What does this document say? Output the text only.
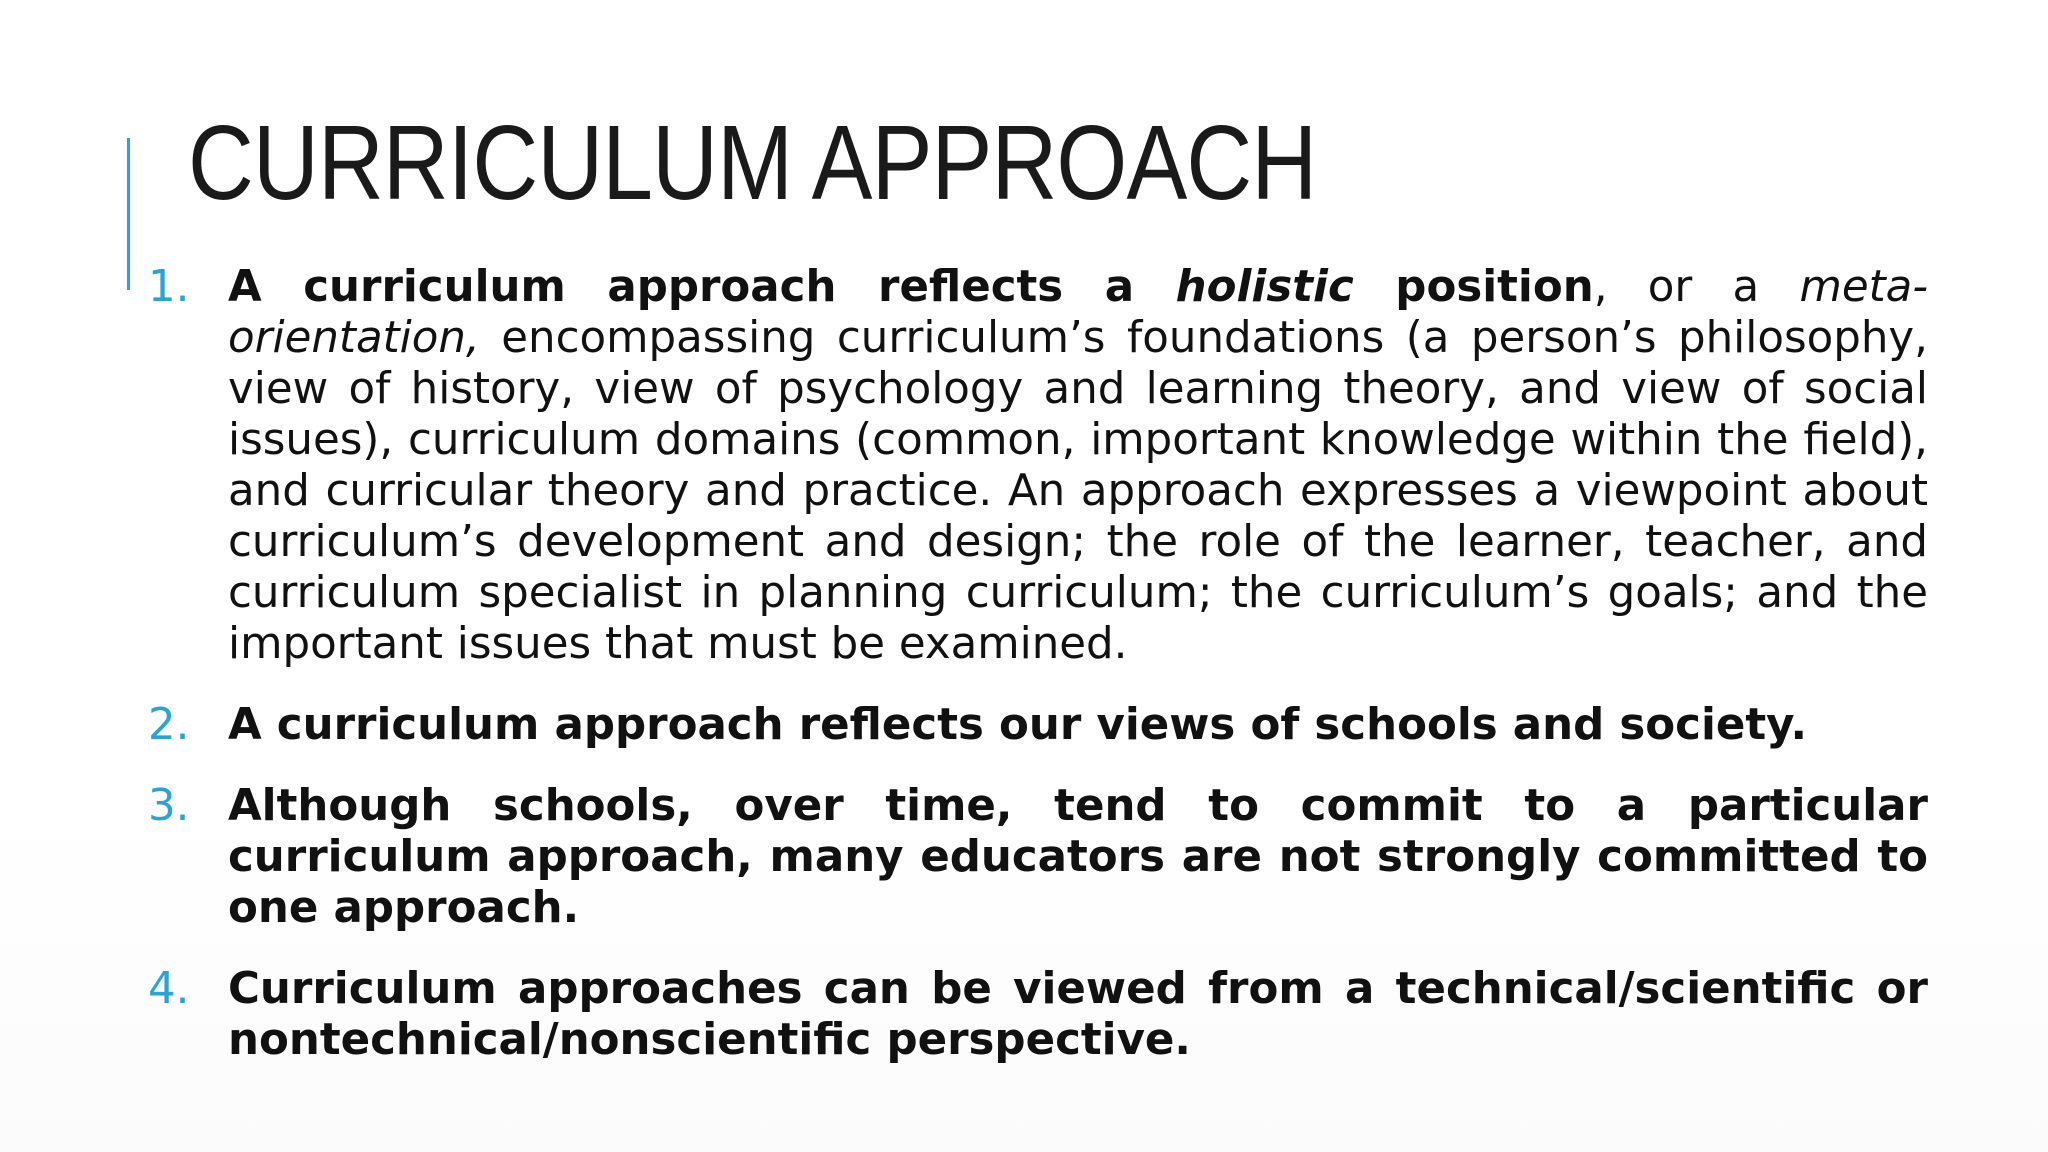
CURRICULUM APPROACH
1. A curriculum approach reflects a holistic position, or a meta-orientation, encompassing curriculum’s foundations (a person’s philosophy, view of history, view of psychology and learning theory, and view of social issues), curriculum domains (common, important knowledge within the field), and curricular theory and practice. An approach expresses a viewpoint about curriculum’s development and design; the role of the learner, teacher, and curriculum specialist in planning curriculum; the curriculum’s goals; and the important issues that must be examined.
2. A curriculum approach reflects our views of schools and society.
3. Although schools, over time, tend to commit to a particular curriculum approach, many educators are not strongly committed to one approach.
4. Curriculum approaches can be viewed from a technical/scientific or nontechnical/nonscientific perspective.
